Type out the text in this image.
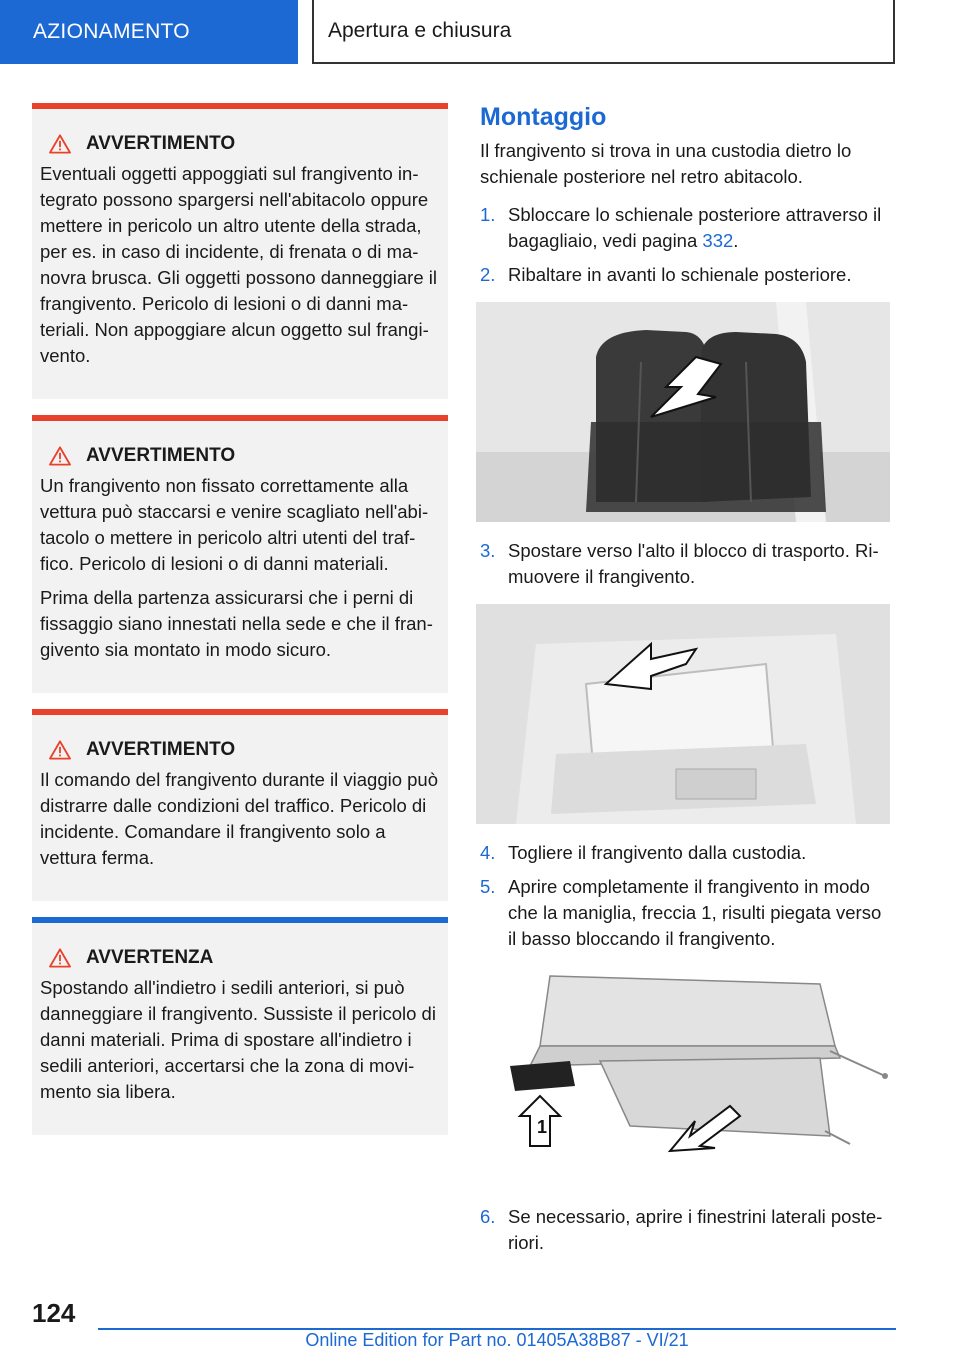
AZIONAMENTO	Apertura e chiusura
AVVERTIMENTO

Eventuali oggetti appoggiati sul frangivento integrato possono spargersi nell'abitacolo oppure mettere in pericolo un altro utente della strada, per es. in caso di incidente, di frenata o di manovra brusca. Gli oggetti possono danneggiare il frangivento. Pericolo di lesioni o di danni materiali. Non appoggiare alcun oggetto sul frangivento.

AVVERTIMENTO

Un frangivento non fissato correttamente alla vettura può staccarsi e venire scagliato nell'abitacolo o mettere in pericolo altri utenti del traffico. Pericolo di lesioni o di danni materiali.

Prima della partenza assicurarsi che i perni di fissaggio siano innestati nella sede e che il frangivento sia montato in modo sicuro.

AVVERTIMENTO

Il comando del frangivento durante il viaggio può distrarre dalle condizioni del traffico. Pericolo di incidente. Comandare il frangivento solo a vettura ferma.

AVVERTENZA

Spostando all'indietro i sedili anteriori, si può danneggiare il frangivento. Sussiste il pericolo di danni materiali. Prima di spostare all'indietro i sedili anteriori, accertarsi che la zona di movimento sia libera.

Montaggio

Il frangivento si trova in una custodia dietro lo schienale posteriore nel retro abitacolo.

1. Sbloccare lo schienale posteriore attraverso il bagagliaio, vedi pagina 332.
2. Ribaltare in avanti lo schienale posteriore.
3. Spostare verso l'alto il blocco di trasporto. Rimuovere il frangivento.
4. Togliere il frangivento dalla custodia.
5. Aprire completamente il frangivento in modo che la maniglia, freccia 1, risulti piegata verso il basso bloccando il frangivento.
1
6. Se necessario, aprire i finestrini laterali posteriori.
124
Online Edition for Part no. 01405A38B87 - VI/21
